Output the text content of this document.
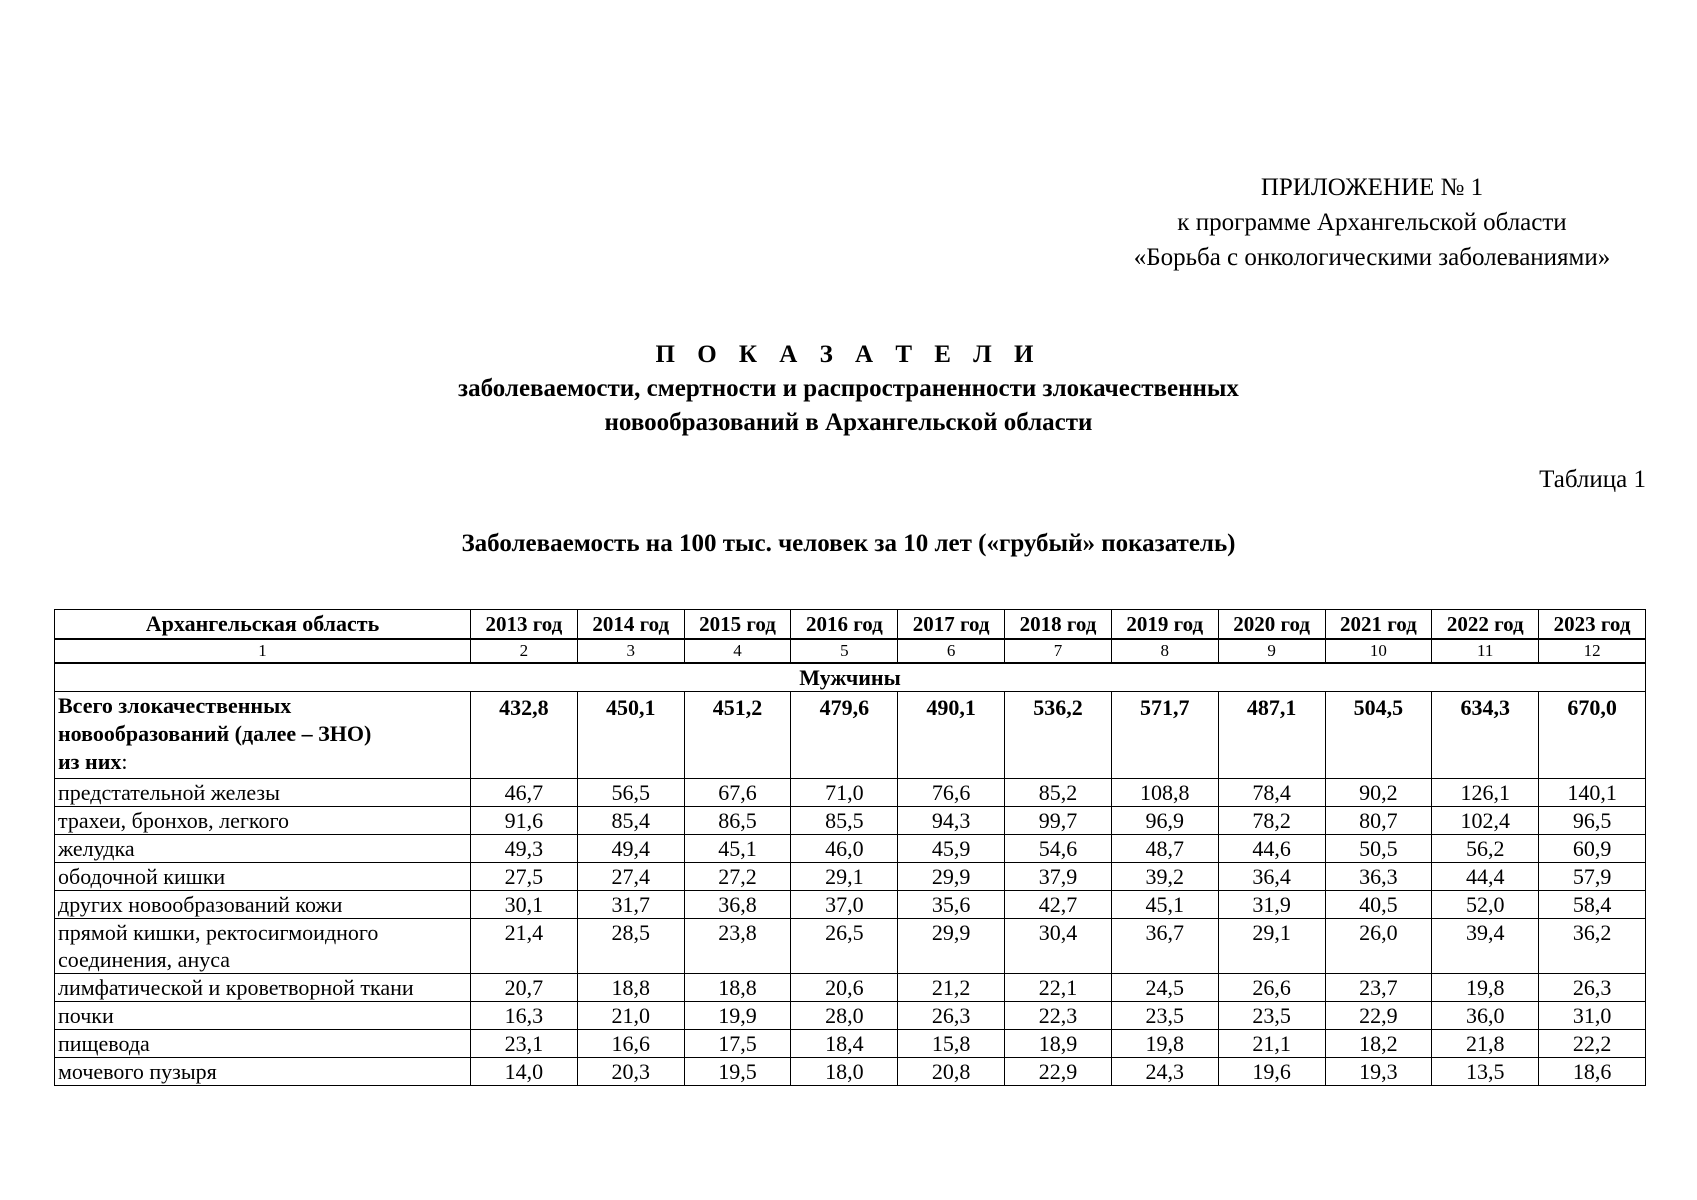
ПРИЛОЖЕНИЕ № 1
к программе Архангельской области
«Борьба с онкологическими заболеваниями»
П О К А З А Т Е Л И
заболеваемости, смертности и распространенности злокачественных
новообразований в Архангельской области
Таблица 1
Заболеваемость на 100 тыс. человек за 10 лет («грубый» показатель)
Архангельская область	2013 год	2014 год	2015 год	2016 год	2017 год	2018 год	2019 год	2020 год	2021 год	2022 год	2023 год
1	2	3	4	5	6	7	8	9	10	11	12
Мужчины											
Всего злокачественных
новообразований (далее – ЗНО)
из них:	432,8	450,1	451,2	479,6	490,1	536,2	571,7	487,1	504,5	634,3	670,0
предстательной железы	46,7	56,5	67,6	71,0	76,6	85,2	108,8	78,4	90,2	126,1	140,1
трахеи, бронхов, легкого	91,6	85,4	86,5	85,5	94,3	99,7	96,9	78,2	80,7	102,4	96,5
желудка	49,3	49,4	45,1	46,0	45,9	54,6	48,7	44,6	50,5	56,2	60,9
ободочной кишки	27,5	27,4	27,2	29,1	29,9	37,9	39,2	36,4	36,3	44,4	57,9
других новообразований кожи	30,1	31,7	36,8	37,0	35,6	42,7	45,1	31,9	40,5	52,0	58,4
прямой кишки, ректосигмоидного соединения, ануса	21,4	28,5	23,8	26,5	29,9	30,4	36,7	29,1	26,0	39,4	36,2
лимфатической и кроветворной ткани	20,7	18,8	18,8	20,6	21,2	22,1	24,5	26,6	23,7	19,8	26,3
почки	16,3	21,0	19,9	28,0	26,3	22,3	23,5	23,5	22,9	36,0	31,0
пищевода	23,1	16,6	17,5	18,4	15,8	18,9	19,8	21,1	18,2	21,8	22,2
мочевого пузыря	14,0	20,3	19,5	18,0	20,8	22,9	24,3	19,6	19,3	13,5	18,6
